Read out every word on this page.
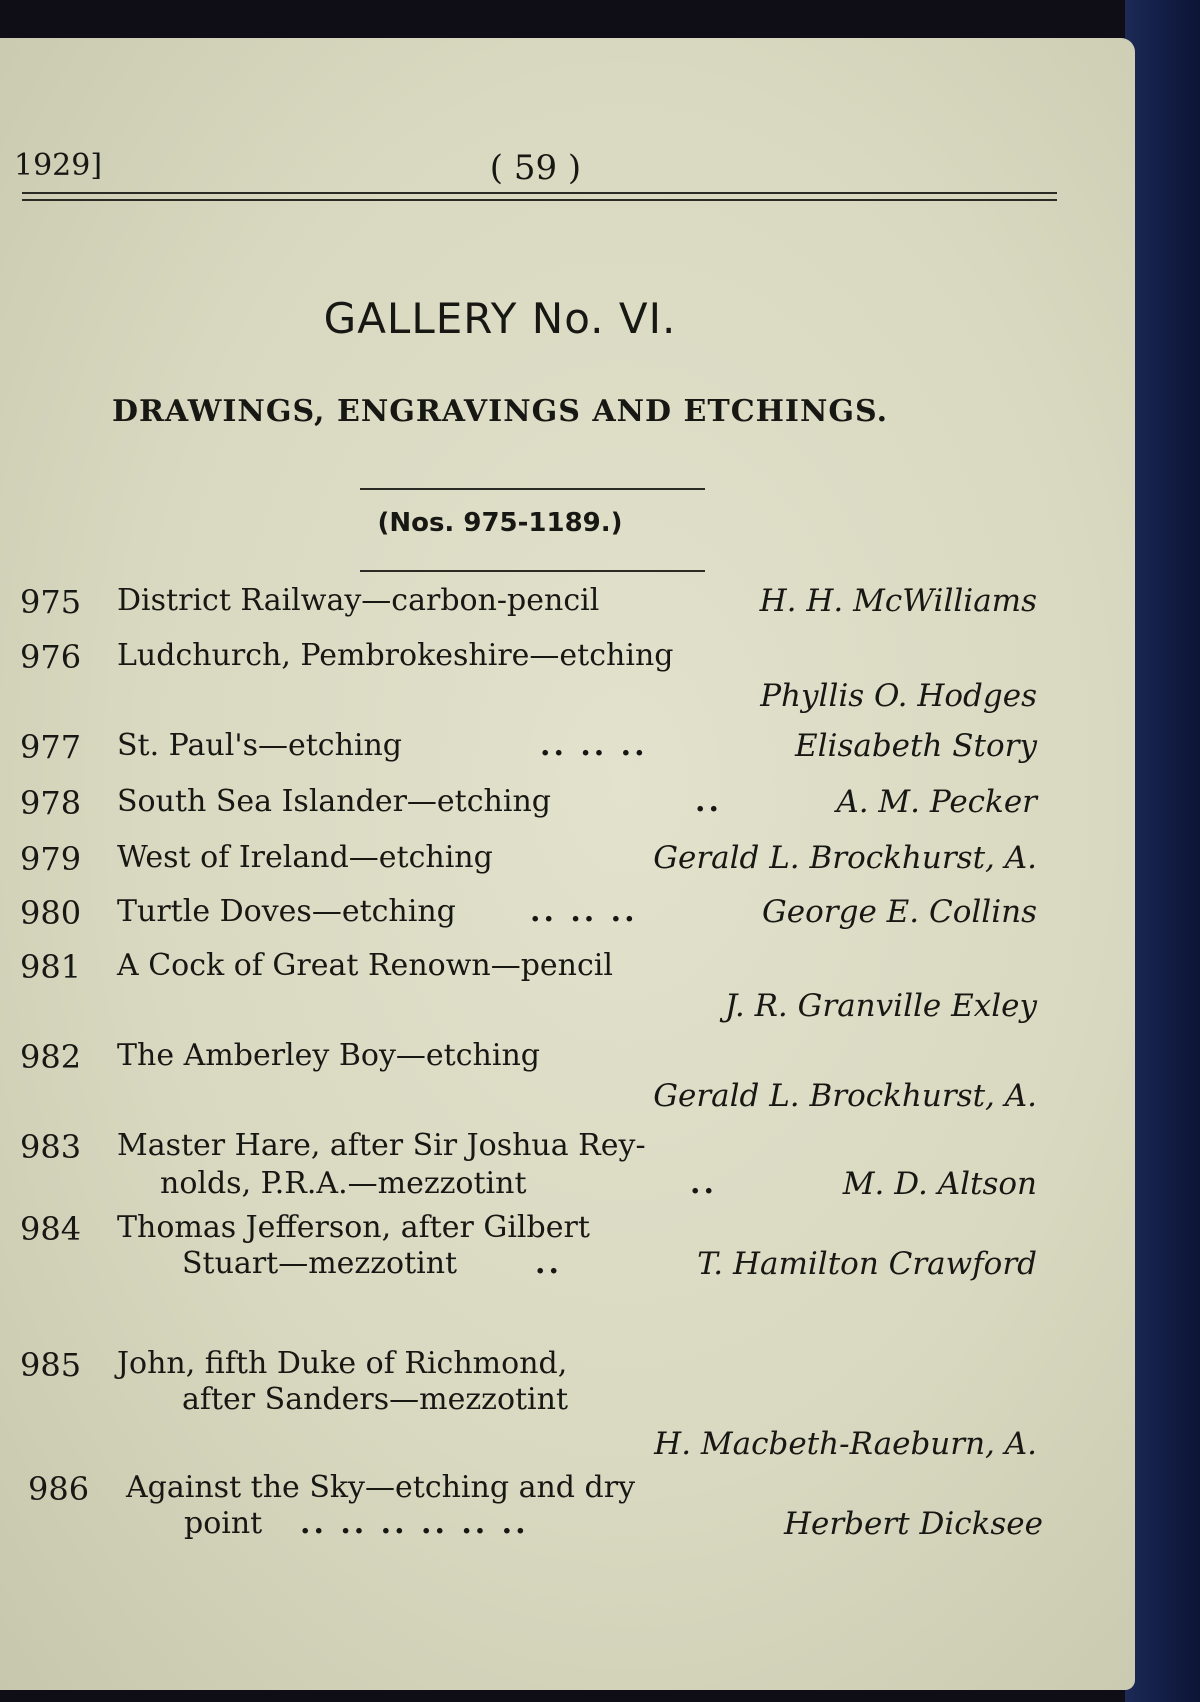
1929]	( 59 )
GALLERY No. VI.
DRAWINGS, ENGRAVINGS AND ETCHINGS.
(Nos. 975-1189.)
975 District Railway—carbon-pencil	H. H. McWilliams
976 Ludchurch, Pembrokeshire—etching
Phyllis O. Hodges
977 St. Paul's—etching	.. .. ..	Elisabeth Story
978 South Sea Islander—etching	..	A. M. Pecker
979 West of Ireland—etching	Gerald L. Brockhurst, A.
980 Turtle Doves—etching .. .. ..	George E. Collins
981 A Cock of Great Renown—pencil
J. R. Granville Exley
982 The Amberley Boy—etching
Gerald L. Brockhurst, A.
983 Master Hare, after Sir Joshua Rey-
nolds, P.R.A.—mezzotint	..	M. D. Altson
984 Thomas Jefferson, after Gilbert
Stuart—mezzotint	..	T. Hamilton Crawford
985 John, fifth Duke of Richmond,
after Sanders—mezzotint
H. Macbeth-Raeburn, A.
986 Against the Sky—etching and dry
point .. .. .. .. .. ..	Herbert Dicksee
